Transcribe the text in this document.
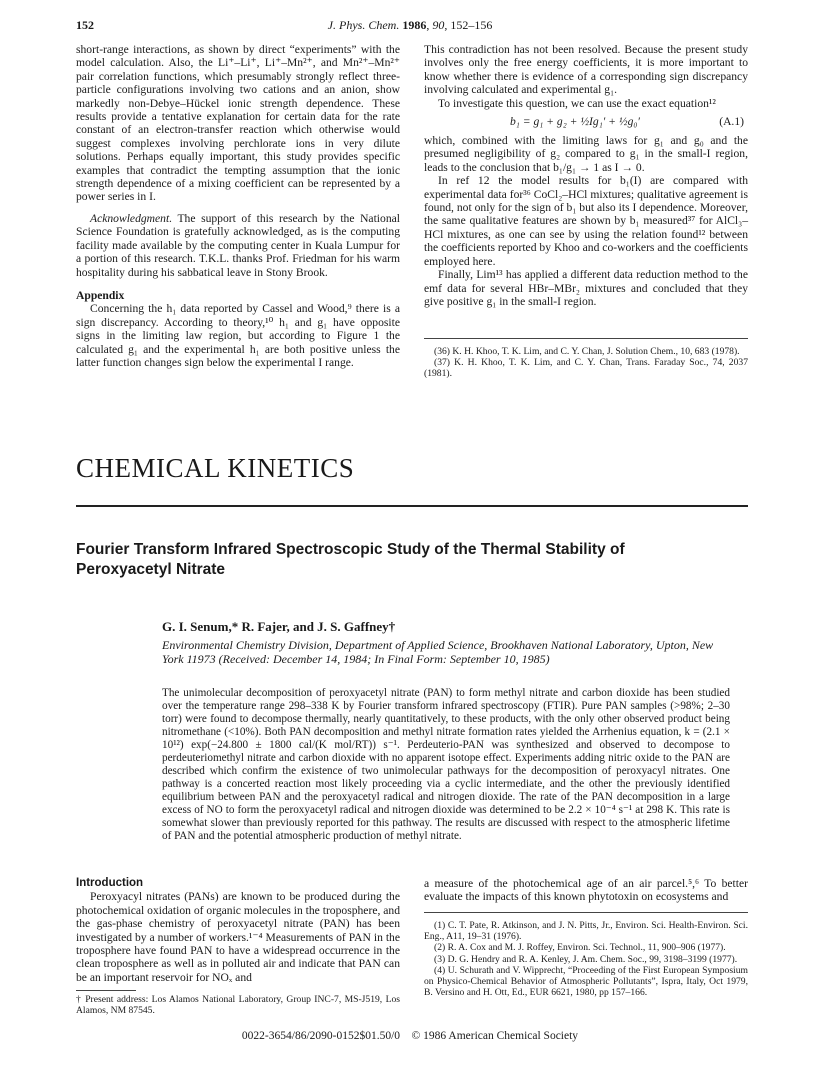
152	J. Phys. Chem. 1986, 90, 152–156

short-range interactions, as shown by direct “experiments” with the model calculation. Also, the Li⁺–Li⁺, Li⁺–Mn²⁺, and Mn²⁺–Mn²⁺ pair correlation functions, which presumably strongly reflect three-particle configurations involving two cations and an anion, show markedly non-Debye–Hückel ionic strength dependence. These results provide a tentative explanation for certain data for the rate constant of an electron-transfer reaction which otherwise would suggest complexes involving perchlorate ions in very dilute solutions. Perhaps equally important, this study provides specific examples that contradict the tempting assumption that the ionic strength dependence of a mixing coefficient can be represented by a power series in I.

Acknowledgment. The support of this research by the National Science Foundation is gratefully acknowledged, as is the computing facility made available by the computing center in Kuala Lumpur for a portion of this research. T.K.L. thanks Prof. Friedman for his warm hospitality during his sabbatical leave in Stony Brook.

Appendix

Concerning the h₁ data reported by Cassel and Wood,⁹ there is a sign discrepancy. According to theory,¹⁰ h₁ and g₁ have opposite signs in the limiting law region, but according to Figure 1 the calculated g₁ and the experimental h₁ are both positive unless the latter function changes sign below the experimental I range.

This contradiction has not been resolved. Because the present study involves only the free energy coefficients, it is more important to know whether there is evidence of a corresponding sign discrepancy involving calculated and experimental g₁.

To investigate this question, we can use the exact equation¹²

b₁ = g₁ + g₂ + ½Ig₁′ + ½g₀′	(A.1)

which, combined with the limiting laws for g₁ and g₀ and the presumed negligibility of g₂ compared to g₁ in the small-I region, leads to the conclusion that b₁/g₁ → 1 as I → 0.

In ref 12 the model results for b₁(I) are compared with experimental data for³⁶ CoCl₂–HCl mixtures; qualitative agreement is found, not only for the sign of b₁ but also its I dependence. Moreover, the same qualitative features are shown by b₁ measured³⁷ for AlCl₃–HCl mixtures, as one can see by using the relation found¹² between the coefficients reported by Khoo and co-workers and the coefficients employed here.

Finally, Lim¹³ has applied a different data reduction method to the emf data for several HBr–MBr₂ mixtures and concluded that they give positive g₁ in the small-I region.

(36) K. H. Khoo, T. K. Lim, and C. Y. Chan, J. Solution Chem., 10, 683 (1978).

(37) K. H. Khoo, T. K. Lim, and C. Y. Chan, Trans. Faraday Soc., 74, 2037 (1981).

CHEMICAL KINETICS
Fourier Transform Infrared Spectroscopic Study of the Thermal Stability of
Peroxyacetyl Nitrate
G. I. Senum,* R. Fajer, and J. S. Gaffney†
Environmental Chemistry Division, Department of Applied Science, Brookhaven National Laboratory, Upton, New York 11973 (Received: December 14, 1984; In Final Form: September 10, 1985)
The unimolecular decomposition of peroxyacetyl nitrate (PAN) to form methyl nitrate and carbon dioxide has been studied over the temperature range 298–338 K by Fourier transform infrared spectroscopy (FTIR). Pure PAN samples (>98%; 2–30 torr) were found to decompose thermally, nearly quantitatively, to these products, with the only other observed product being nitromethane (<10%). Both PAN decomposition and methyl nitrate formation rates yielded the Arrhenius equation, k = (2.1 × 10¹²) exp(−24.800 ± 1800 cal/(K mol/RT)) s⁻¹. Perdeuterio-PAN was synthesized and observed to decompose to perdeuteriomethyl nitrate and carbon dioxide with no apparent isotope effect. Experiments adding nitric oxide to the PAN are described which confirm the existence of two unimolecular pathways for the decomposition of peroxyacyl nitrates. One pathway is a concerted reaction most likely proceeding via a cyclic intermediate, and the other the previously identified equilibrium between PAN and the peroxyacetyl radical and nitrogen dioxide. The rate of the PAN decomposition in a large excess of NO to form the peroxyacetyl radical and nitrogen dioxide was determined to be 2.2 × 10⁻⁴ s⁻¹ at 298 K. This rate is somewhat slower than previously reported for this pathway. The results are discussed with respect to the atmospheric lifetime of PAN and the potential atmospheric production of methyl nitrate.

Introduction

Peroxyacyl nitrates (PANs) are known to be produced during the photochemical oxidation of organic molecules in the troposphere, and the gas-phase chemistry of peroxyacetyl nitrate (PAN) has been investigated by a number of workers.¹⁻⁴ Measurements of PAN in the troposphere have found PAN to have a widespread occurrence in the clean troposphere as well as in polluted air and indicate that PAN can be an important reservoir for NOₓ and

† Present address: Los Alamos National Laboratory, Group INC-7, MS-J519, Los Alamos, NM 87545.

a measure of the photochemical age of an air parcel.⁵,⁶ To better evaluate the impacts of this known phytotoxin on ecosystems and

(1) C. T. Pate, R. Atkinson, and J. N. Pitts, Jr., Environ. Sci. Health-Environ. Sci. Eng., A11, 19–31 (1976).

(2) R. A. Cox and M. J. Roffey, Environ. Sci. Technol., 11, 900–906 (1977).

(3) D. G. Hendry and R. A. Kenley, J. Am. Chem. Soc., 99, 3198–3199 (1977).

(4) U. Schurath and V. Wipprecht, “Proceeding of the First European Symposium on Physico-Chemical Behavior of Atmospheric Pollutants”, Ispra, Italy, Oct 1979, B. Versino and H. Ott, Ed., EUR 6621, 1980, pp 157–166.

0022-3654/86/2090-0152$01.50/0 © 1986 American Chemical Society
